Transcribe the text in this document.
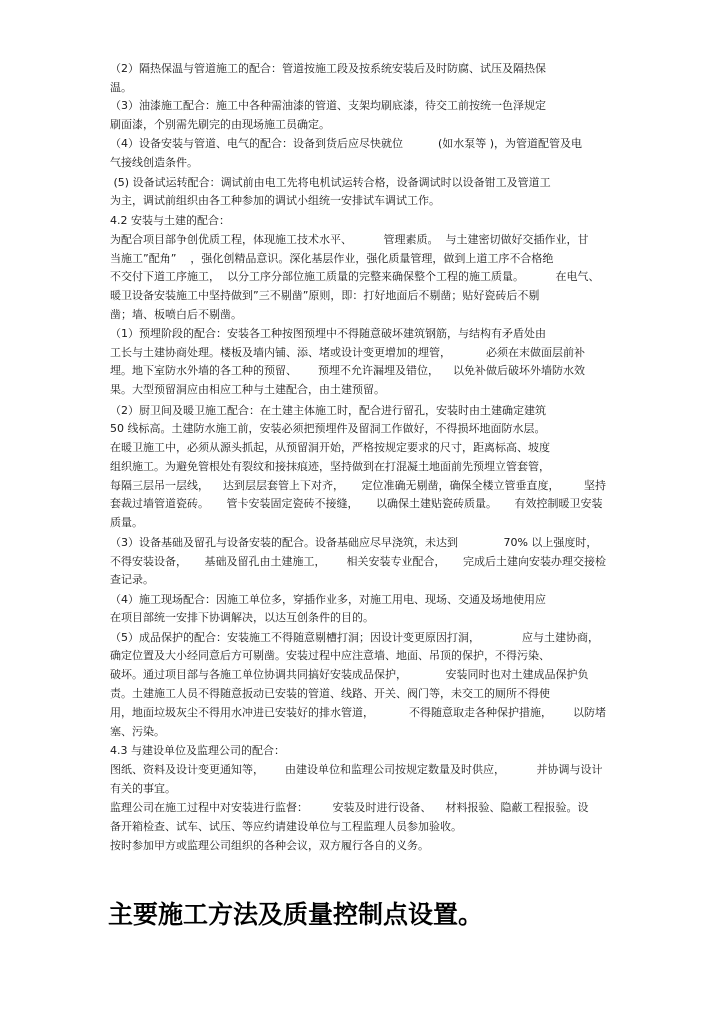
（2）隔热保温与管道施工的配合：管道按施工段及按系统安装后及时防腐、试压及隔热保
温。
（3）油漆施工配合：施工中各种需油漆的管道、支架均刷底漆，待交工前按统一色泽规定
刷面漆，个别需先刷完的由现场施工员确定。
（4）设备安装与管道、电气的配合：设备到货后应尽快就位          (如水泵等 )，为管道配管及电
气接线创造条件。
(5) 设备试运转配合：调试前由电工先将电机试运转合格，设备调试时以设备钳工及管道工
为主，调试前组织由各工种参加的调试小组统一安排试车调试工作。
4.2 安装与土建的配合：
为配合项目部争创优质工程，体现施工技术水平、         管理素质。  与土建密切做好交插作业，甘
当施工”配角”    ，强化创精品意识。深化基层作业，强化质量管理，做到上道工序不合格绝
不交付下道工序施工，  以分工序分部位施工质量的完整来确保整个工程的施工质量。         在电气、
暖卫设备安装施工中坚持做到”三不剔凿”原则，即：打好地面后不剔凿；贴好瓷砖后不剔
凿；墙、板喷白后不剔凿。
（1）预埋阶段的配合：安装各工种按图预埋中不得随意破坏建筑钢筋，与结构有矛盾处由
工长与土建协商处理。楼板及墙内铺、添、堵或设计变更增加的埋管，          必须在末做面层前补
埋。地下室防水外墙的各工种的预留、      预埋不允许漏埋及错位，    以免补做后破坏外墙防水效
果。大型预留洞应由相应工种与土建配合，由土建预留。
（2）厨卫间及暖卫施工配合：在土建主体施工时，配合进行留孔，安装时由土建确定建筑
50 线标高。土建防水施工前，安装必须把预埋件及留洞工作做好，不得损坏地面防水层。
在暖卫施工中，必须从源头抓起，从预留洞开始，严格按规定要求的尺寸，距离标高、坡度
组织施工。为避免管根处有裂纹和接抹痕迹，坚持做到在打混凝土地面前先预埋立管套管，
每隔三层吊一层线，    达到层层套管上下对齐，     定位准确无剔凿，确保全楼立管垂直度，       坚持
套裁过墙管道瓷砖。     管卡安装固定瓷砖不接缝，     以确保土建贴瓷砖质量。     有效控制暖卫安装
质量。
（3）设备基础及留孔与设备安装的配合。设备基础应尽早浇筑，未达到             70% 以上强度时，
不得安装设备，     基础及留孔由土建施工，      相关安装专业配合，     完成后土建向安装办理交接检
查记录。
（4）施工现场配合：因施工单位多，穿插作业多，对施工用电、现场、交通及场地使用应
在项目部统一安排下协调解决，以达互创条件的目的。
（5）成品保护的配合：安装施工不得随意剔槽打洞；因设计变更原因打洞，            应与土建协商，
确定位置及大小经同意后方可剔凿。安装过程中应注意墙、地面、吊顶的保护，不得污染、
破坏。通过项目部与各施工单位协调共同搞好安装成品保护，           安装同时也对土建成品保护负
责。土建施工人员不得随意扳动已安装的管道、线路、开关、阀门等，未交工的厕所不得使
用，地面垃圾灰尘不得用水冲进已安装好的排水管道，          不得随意取走各种保护措施，      以防堵
塞、污染。
4.3 与建设单位及监理公司的配合：
图纸、资料及设计变更通知等，      由建设单位和监理公司按规定数量及时供应，         并协调与设计
有关的事宜。
监理公司在施工过程中对安装进行监督：       安装及时进行设备、    材料报验、隐蔽工程报验。设
备开箱检查、试车、试压、等应约请建设单位与工程监理人员参加验收。
按时参加甲方或监理公司组织的各种会议，双方履行各自的义务。
主要施工方法及质量控制点设置。
